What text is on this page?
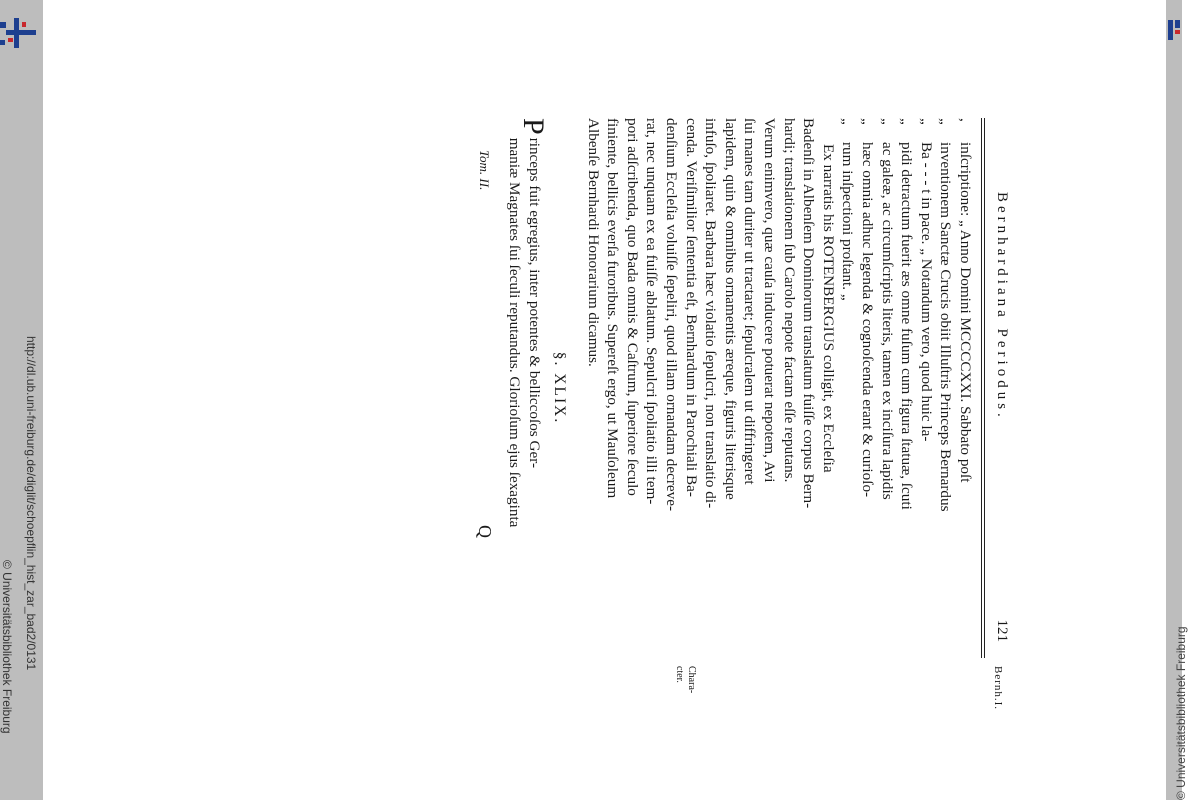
http://dl.ub.uni-freiburg.de/diglit/schoepflin_hist_zar_bad2/0131
© Universitätsbibliothek Freiburg	© Universitätsbibliothek Freiburg
Bernhardiana Periodus.
121
Bernh.I.
Chara-
cter.
,inſcriptione: „ Anno Domini MCCCCXXI. Sabbato poſt
„inventionem Sanctæ Crucis obiit Illuſtris Princeps Bernardus
„Ba - - - t in pace. „ Notandum vero, quod huic la-
„pidi detractum fuerit æs omne fuſum cum figura ſtatuæ, ſcuti
„ac galeæ, ac circumſcriptis literis, tamen ex inciſura lapidis
„hæc omnia adhuc legenda & cognoſcenda erant & curioſo-
„rum inſpectioni proſtant. „
Ex narratis his ROTENBERGIUS colligit, ex Eccleſia
Badenſi in Albenſem Dominorum translatum fuiſſe corpus Bern-
hardi; translationem ſub Carolo nepote factam eſſe reputans.
Verum enimvero, quæ cauſa inducere potuerat nepotem, Avi
ſui manes tam duriter ut tractaret; ſepulcralem ut diffringeret
lapidem, quin & omnibus ornamentis æreque, figuris literisque
infuſo, ſpoliaret. Barbara hæc violatio ſepulcri, non translatio di-
cenda. Veriſimilior ſententia eſt, Bernhardum in Parochiali Ba-
denſium Eccleſia voluiſſe ſepeliri, quod illam ornandam decreve-
rat, nec unquam ex ea fuiſſe ablatum. Sepulcri ſpoliatio illi tem-
pori adſcribenda, quo Bada omnis & Caſtrum, ſuperiore ſeculo
finiente, bellicis everſa furoribus. Supereſt ergo, ut Mauſoleum
Albenſe Bernhardi Honorarium dicamus.
§. XLIX.
P
rinceps fuit egregius, inter potentes & belliccoſos Ger-
maniæ Magnates ſui ſeculi reputandus. Glorioſum ejus ſexaginta
Tom. II.
Q
